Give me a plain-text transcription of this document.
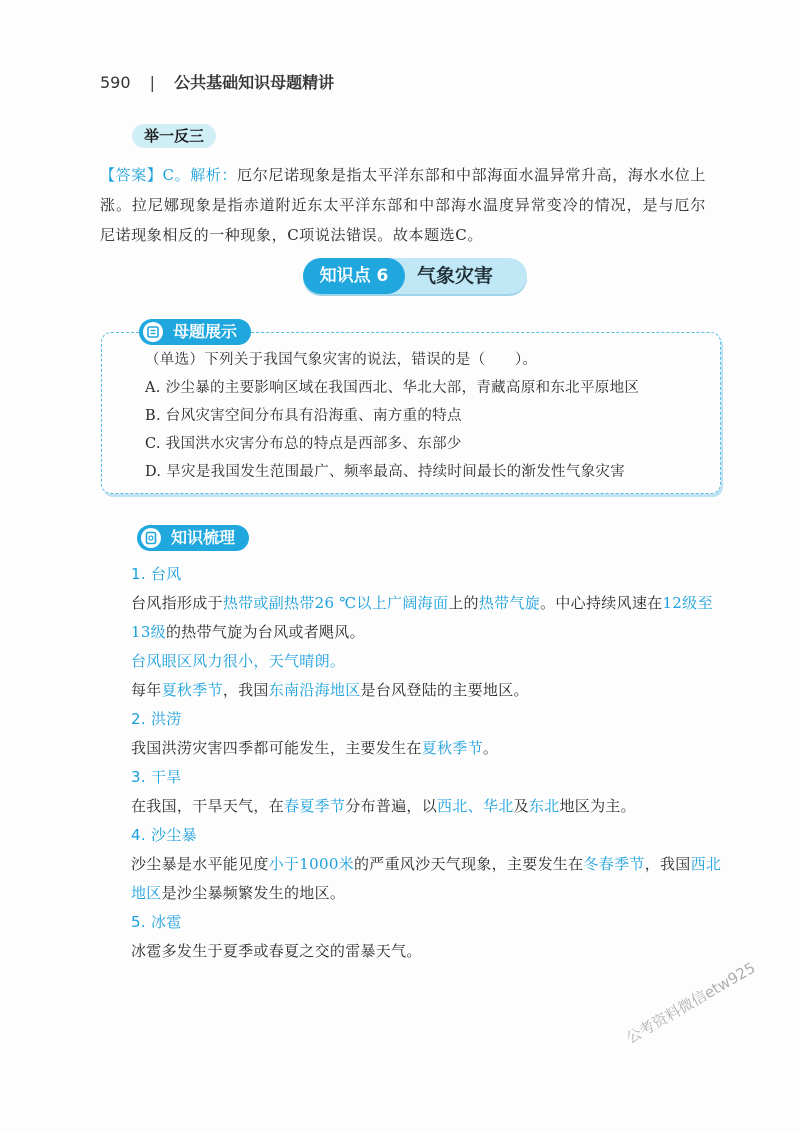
590 | 公共基础知识母题精讲
举一反三
【答案】C。解析：厄尔尼诺现象是指太平洋东部和中部海面水温异常升高，海水水位上涨。拉尼娜现象是指赤道附近东太平洋东部和中部海水温度异常变冷的情况，是与厄尔尼诺现象相反的一种现象，C项说法错误。故本题选C。
知识点 6	气象灾害
母题展示
（单选）下列关于我国气象灾害的说法，错误的是（　　）。
A. 沙尘暴的主要影响区域在我国西北、华北大部，青藏高原和东北平原地区
B. 台风灾害空间分布具有沿海重、南方重的特点
C. 我国洪水灾害分布总的特点是西部多、东部少
D. 旱灾是我国发生范围最广、频率最高、持续时间最长的渐发性气象灾害
知识梳理
1. 台风
台风指形成于热带或副热带26 ℃以上广阔海面上的热带气旋。中心持续风速在12级至13级的热带气旋为台风或者飓风。
台风眼区风力很小，天气晴朗。
每年夏秋季节，我国东南沿海地区是台风登陆的主要地区。
2. 洪涝
我国洪涝灾害四季都可能发生，主要发生在夏秋季节。
3. 干旱
在我国，干旱天气，在春夏季节分布普遍，以西北、华北及东北地区为主。
4. 沙尘暴
沙尘暴是水平能见度小于1000米的严重风沙天气现象，主要发生在冬春季节，我国西北地区是沙尘暴频繁发生的地区。
5. 冰雹
冰雹多发生于夏季或春夏之交的雷暴天气。
公考资料微信etw925
